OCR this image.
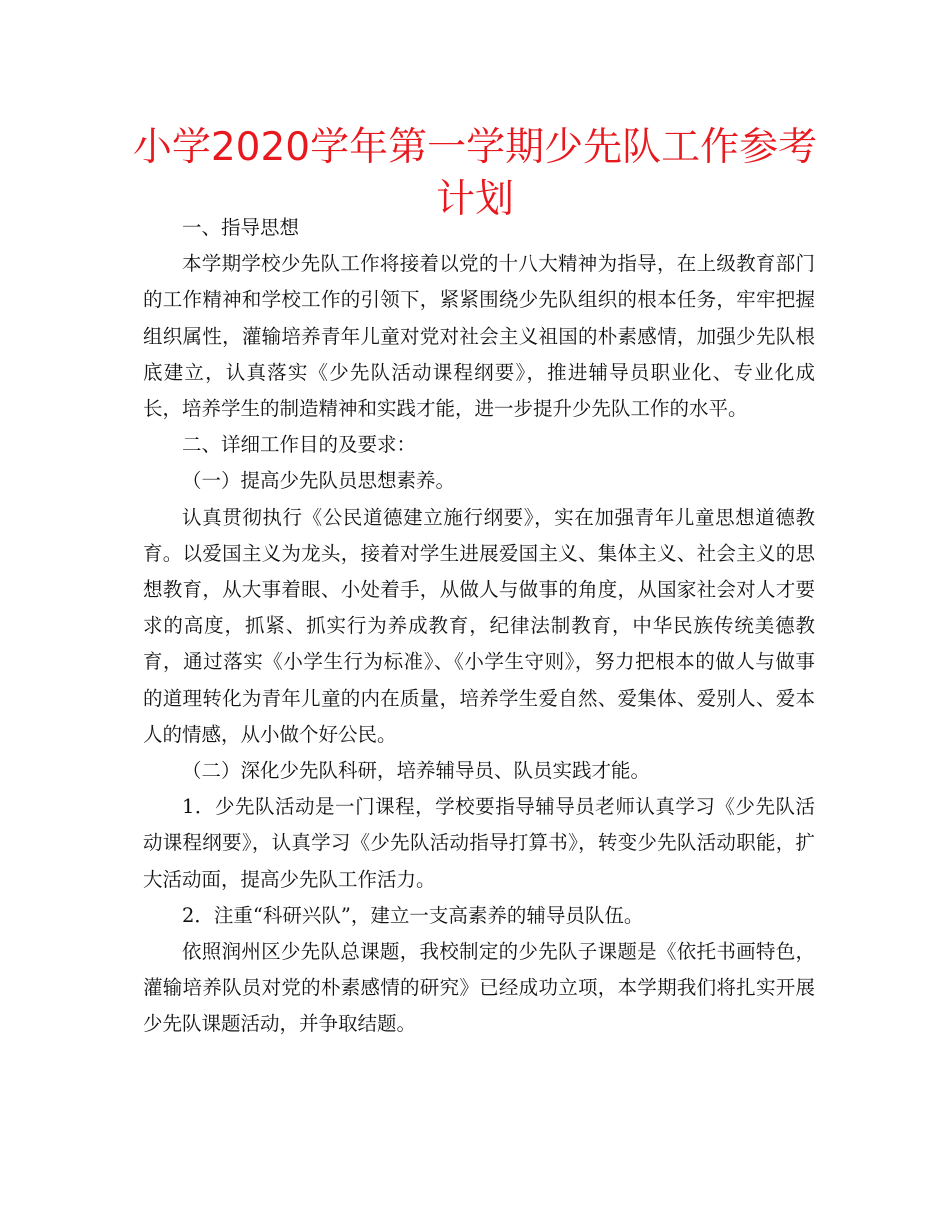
小学2020学年第一学期少先队工作参考计划

一、指导思想

本学期学校少先队工作将接着以党的十八大精神为指导，在上级教育部门的工作精神和学校工作的引领下，紧紧围绕少先队组织的根本任务，牢牢把握组织属性，灌输培养青年儿童对党对社会主义祖国的朴素感情，加强少先队根底建立，认真落实《少先队活动课程纲要》，推进辅导员职业化、专业化成长，培养学生的制造精神和实践才能，进一步提升少先队工作的水平。

二、详细工作目的及要求：

（一）提高少先队员思想素养。

认真贯彻执行《公民道德建立施行纲要》，实在加强青年儿童思想道德教育。以爱国主义为龙头，接着对学生进展爱国主义、集体主义、社会主义的思想教育，从大事着眼、小处着手，从做人与做事的角度，从国家社会对人才要求的高度，抓紧、抓实行为养成教育，纪律法制教育，中华民族传统美德教育，通过落实《小学生行为标准》、《小学生守则》，努力把根本的做人与做事的道理转化为青年儿童的内在质量，培养学生爱自然、爱集体、爱别人、爱本人的情感，从小做个好公民。

（二）深化少先队科研，培养辅导员、队员实践才能。

1．少先队活动是一门课程，学校要指导辅导员老师认真学习《少先队活动课程纲要》，认真学习《少先队活动指导打算书》，转变少先队活动职能，扩大活动面，提高少先队工作活力。

2．注重“科研兴队”，建立一支高素养的辅导员队伍。

依照润州区少先队总课题，我校制定的少先队子课题是《依托书画特色，灌输培养队员对党的朴素感情的研究》已经成功立项，本学期我们将扎实开展少先队课题活动，并争取结题。
